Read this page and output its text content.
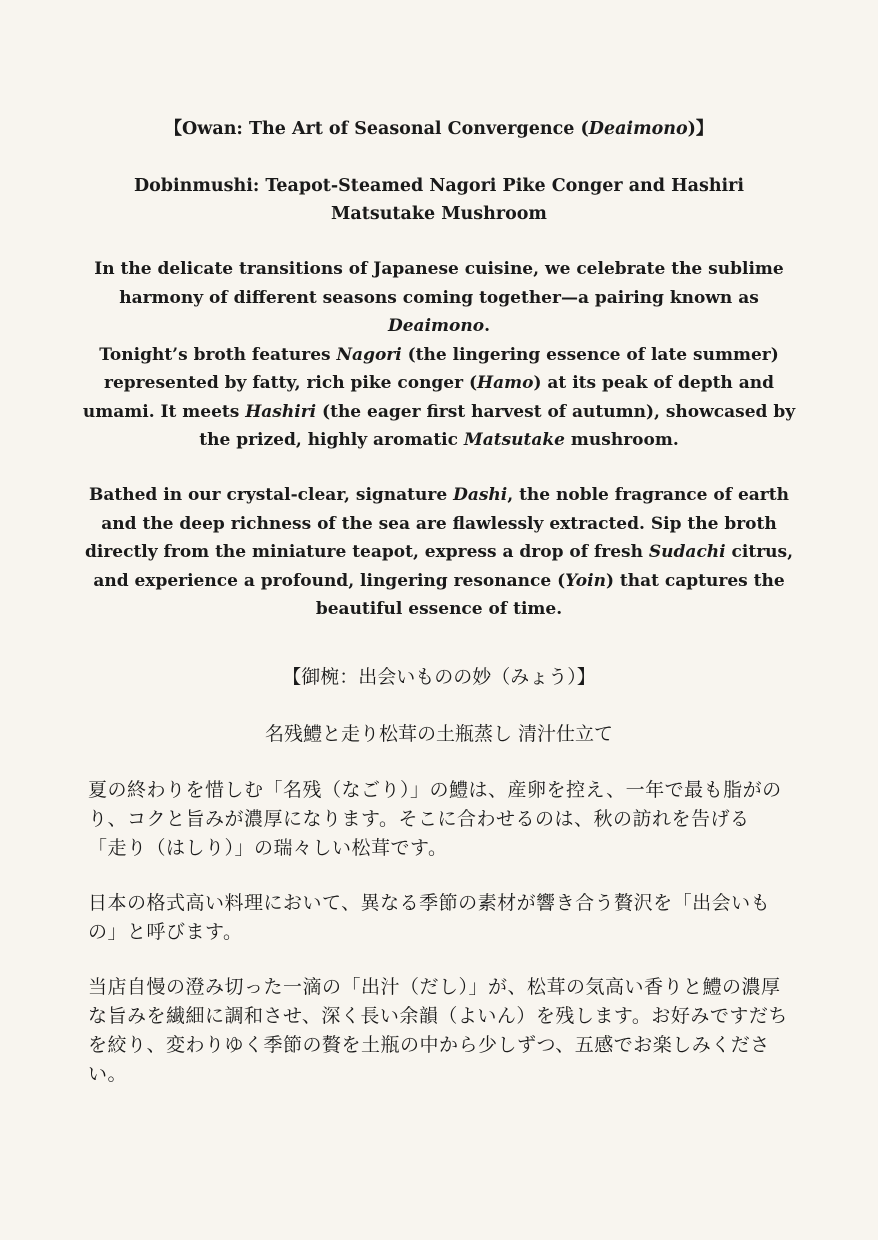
【Owan: The Art of Seasonal Convergence (Deaimono)】
Dobinmushi: Teapot-Steamed Nagori Pike Conger and Hashiri Matsutake Mushroom
In the delicate transitions of Japanese cuisine, we celebrate the sublime harmony of different seasons coming together—a pairing known as Deaimono.
Tonight’s broth features Nagori (the lingering essence of late summer) represented by fatty, rich pike conger (Hamo) at its peak of depth and umami. It meets Hashiri (the eager first harvest of autumn), showcased by the prized, highly aromatic Matsutake mushroom.
Bathed in our crystal-clear, signature Dashi, the noble fragrance of earth and the deep richness of the sea are flawlessly extracted. Sip the broth directly from the miniature teapot, express a drop of fresh Sudachi citrus, and experience a profound, lingering resonance (Yoin) that captures the beautiful essence of time.
【御椀：出会いものの妙（みょう）】
名残鱧と走り松茸の土瓶蒸し 清汁仕立て
夏の終わりを惜しむ「名残（なごり）」の鱧は、産卵を控え、一年で最も脂がのり、コクと旨みが濃厚になります。そこに合わせるのは、秋の訪れを告げる「走り（はしり）」の瑞々しい松茸です。
日本の格式高い料理において、異なる季節の素材が響き合う贅沢を「出会いもの」と呼びます。
当店自慢の澄み切った一滴の「出汁（だし）」が、松茸の気高い香りと鱧の濃厚な旨みを繊細に調和させ、深く長い余韻（よいん）を残します。お好みですだちを絞り、変わりゆく季節の贅を土瓶の中から少しずつ、五感でお楽しみください。
